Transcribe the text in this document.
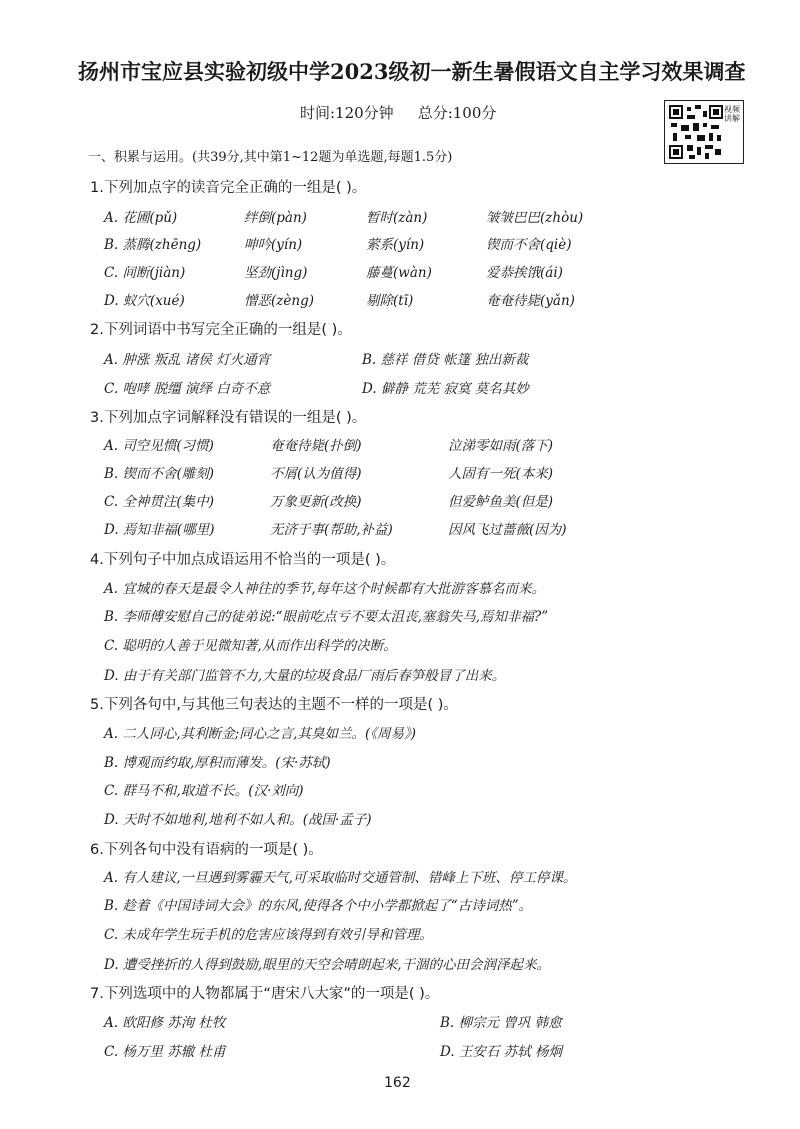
扬州市宝应县实验初级中学2023级初一新生暑假语文自主学习效果调查
时间:120分钟 总分:100分	视频讲解
一、积累与运用。(共39分,其中第1~12题为单选题,每题1.5分)
1.下列加点字的读音完全正确的一组是( )。
A. 花圃(pǔ)	绊倒(pàn)	暂时(zàn)	皱皱巴巴(zhòu)
B. 蒸腾(zhēng)	呻吟(yín)	萦系(yín)	锲而不舍(qiè)
C. 间断(jiàn)	坚劲(jìng)	藤蔓(wàn)	爱恭挨饿(ái)
D. 蚁穴(xué)	憎恶(zèng)	剔除(tī)	奄奄待毙(yǎn)
2.下列词语中书写完全正确的一组是( )。
A. 肿涨 叛乱 诸侯 灯火通宵	B. 慈祥 借贷 帐篷 独出新裁
C. 咆哮 脱缰 演绎 白奇不意	D. 僻静 荒芜 寂寞 莫名其妙
3.下列加点字词解释没有错误的一组是( )。
A. 司空见惯(习惯)	奄奄待毙(扑倒)	泣涕零如雨(落下)
B. 锲而不舍(雕刻)	不屑(认为值得)	人固有一死(本来)
C. 全神贯注(集中)	万象更新(改换)	但爱鲈鱼美(但是)
D. 焉知非福(哪里)	无济于事(帮助,补益)	因风飞过蔷薇(因为)
4.下列句子中加点成语运用不恰当的一项是( )。
A. 宜城的春天是最令人神往的季节,每年这个时候都有大批游客慕名而来。
B. 李师傅安慰自己的徒弟说:“眼前吃点亏不要太沮丧,塞翁失马,焉知非福?”
C. 聪明的人善于见微知著,从而作出科学的决断。
D. 由于有关部门监管不力,大量的垃圾食品厂雨后春笋般冒了出来。
5.下列各句中,与其他三句表达的主题不一样的一项是( )。
A. 二人同心,其利断金;同心之言,其臭如兰。(《周易》)
B. 博观而约取,厚积而薄发。(宋·苏轼)
C. 群马不和,取道不长。(汉·刘向)
D. 天时不如地利,地利不如人和。(战国·孟子)
6.下列各句中没有语病的一项是( )。
A. 有人建议,一旦遇到雾霾天气,可采取临时交通管制、错峰上下班、停工停课。
B. 趁着《中国诗词大会》的东风,使得各个中小学都掀起了“古诗词热”。
C. 未成年学生玩手机的危害应该得到有效引导和管理。
D. 遭受挫折的人得到鼓励,眼里的天空会晴朗起来,干涸的心田会润泽起来。
7.下列选项中的人物都属于“唐宋八大家”的一项是( )。
A. 欧阳修 苏洵 杜牧	B. 柳宗元 曾巩 韩愈
C. 杨万里 苏辙 杜甫	D. 王安石 苏轼 杨炯
162
